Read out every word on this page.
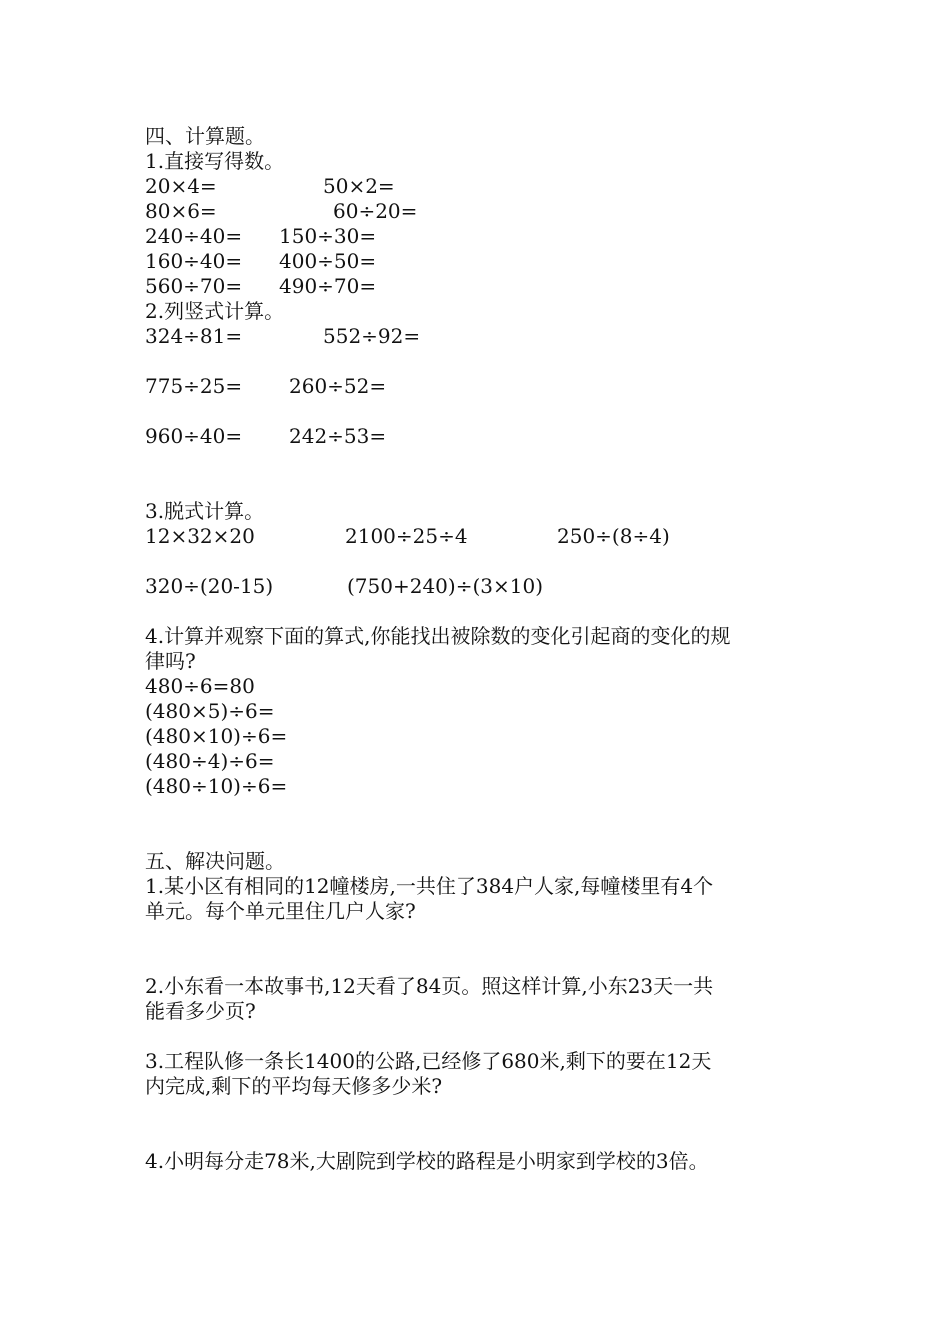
四、计算题。
1.直接写得数。
20×4=	50×2=
80×6=	60÷20=
240÷40= 150÷30=
160÷40= 400÷50=
560÷70= 490÷70=
2.列竖式计算。
324÷81=	552÷92=
775÷25= 260÷52=
960÷40= 242÷53=
3.脱式计算。
12×32×20	2100÷25÷4	250÷(8÷4)
320÷(20-15)	(750+240)÷(3×10)
4.计算并观察下面的算式,你能找出被除数的变化引起商的变化的规
律吗?
480÷6=80
(480×5)÷6=
(480×10)÷6=
(480÷4)÷6=
(480÷10)÷6=
五、解决问题。
1.某小区有相同的12幢楼房,一共住了384户人家,每幢楼里有4个
单元。每个单元里住几户人家?
2.小东看一本故事书,12天看了84页。照这样计算,小东23天一共
能看多少页?
3.工程队修一条长1400的公路,已经修了680米,剩下的要在12天
内完成,剩下的平均每天修多少米?
4.小明每分走78米,大剧院到学校的路程是小明家到学校的3倍。
